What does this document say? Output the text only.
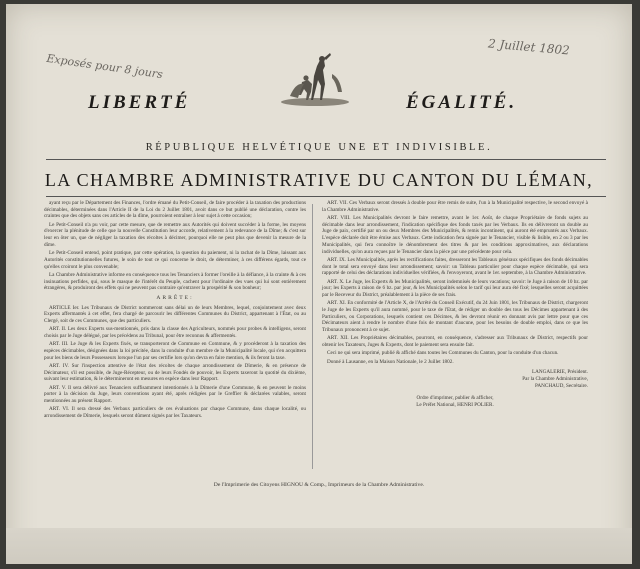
Exposés pour 8 jours
2 Juillet 1802
LIBERTÉ	ÉGALITÉ.
RÉPUBLIQUE HELVÉTIQUE UNE ET INDIVISIBLE.
LA CHAMBRE ADMINISTRATIVE DU CANTON DU LÉMAN,

ayant reçu par le Département des Finances, l'ordre émané du Petit-Conseil, de faire procéder à la taxation des productions décimables, déterminées dans l'Article II de la Loi du 2 Juillet 1801, avoit dans ce but publié une déclaration, contre les craintes que des objets sans ces articles de la dîme, pourroient entraîner à leur sujet à cette occasion;

Le Petit-Conseil n'a pu voir, par cette mesure, que de remettre aux Autorités qui doivent succéder à la forme, les moyens d'exercer la plénitude de celle que la nouvelle Constitution leur accorde, relativement à la redevance de la Dîme; & c'est sur leur en ôter un, que de négliger la taxation des récoltes à décimer, pourquoi elle ne peut plus que devenir la mesure de la dîme.

Le Petit-Conseil entend, point pratique, par cette opération, la question du paiement, ni la rachat de la Dîme, laissant aux Autorités constitutionnelles futures, le soin de tout ce qui concerne le droit, de déterminer, à ces différens égards, tout ce qu'elles croiront le plus convenable;

La Chambre Administrative informe en conséquence tous les Tenanciers à former l'oreille à la défiance, à la crainte & à ces insinuations perfides, qui, sous le masque de l'intérêt du Peuple, cachent pour l'ordinaire des vues qui lui sont entièrement étrangères, & produiront des effets qui ne peuvent pas contraire qu'entraver la prospérité & son bonheur;

ARRÊTE:

ARTICLE Ier. Les Tribunaux de District nommeront sans délai un de leurs Membres, lequel, conjointement avec deux Experts affermantés à cet effet, fera chargé de parcourir les différentes Communes du District, appartenant à l'État, ou au Clergé, soit de ces Communes, que des particuliers.

ART. II. Les deux Experts sus-mentionnés, pris dans la classe des Agriculteurs, nommés pour probes & intelligens, seront choisis par le Juge délégué, par les précédens au Tribunal, pour être reconnus & affermentés.

ART. III. Le Juge & les Experts fixés, se transporteront de Commune en Commune, & y procéderont à la taxation des espèces décimables, désignées dans la loi précitée, dans la conduite d'un membre de la Municipalité locale, qui s'en acquittera pour les biens de leurs Possesseurs lorsque l'un par ses certifie lors qu'on devra en faire mention, & ils feront la taxe.

ART. IV. Sur l'inspection attentive de l'état des récoltes de chaque arrondissement de Dîmerie, & en présence de Décimateur, s'il est possible, de Juge-Récepteur, ou de leurs Fondés de pouvoir, les Experts taxeront la quotité du dixième, suivant leur estimation, & le détermineront en mesures en espèce dans leur Rapport.

ART. V. Il sera délivré aux Tenanciers suffisamment intentionnés à la Dîmerie d'une Commune, & en peuvent le moins porter à la décision du Juge, leurs conventions ayant été, après rédigées par le Greffier & déclarées valables, seront mentionnées au présent Rapport.

ART. VI. Il sera dressé des Verbaux particuliers de ces évaluations par chaque Commune, dans chaque localité, ou arrondissement de Dîmerie, lesquels seront dûment signés par les Taxateurs.

ART. VII. Ces Verbaux seront dressés à double pour être remis de suite, l'un à la Municipalité respective, le second envoyé à la Chambre Administrative.

ART. VIII. Les Municipalités devront le faire remettre, avant le 1er. Août, de chaque Propriétaire de fonds sujets au décimable dans leur arrondissement, l'indication spécifique des fonds taxés par les Verbaux. Ils en délivreront un double au Juge de paix, certifié par un ou deux Membres des Municipalités, & remis incontinent, qui auront été empruntés aux Verbaux. L'espèce déclarée doit être émise aux Verbaux. Cette indication fera signée par le Tenancier, visible & lisible, en 2 ou 3 par les Municipalités, qui fera connoître le dénombrement des titres & par les conditions approximatives, aux déclarations individuelles, qu'on aura reçues par le Tenancier dans la pièce par une précédente pour cela.

ART. IX. Les Municipalités, après les rectifications faites, dresseront les Tableaux généraux spécifiques des fonds décimables dont le total sera envoyé dans leur arrondissement; savoir: un Tableau particulier pour chaque espèce décimable, qui sera rapporté de celui des déclarations individuelles vérifiées, & l'envoyeront, avant le 1er. septembre, à la Chambre Administrative.

ART. X. Le Juge, les Experts & les Municipalités, seront indemnisés de leurs vacations; savoir: le Juge à raison de 10 bz. par jour; les Experts à raison de 6 bz. par jour, & les Municipalités selon le tarif qui leur aura été fixé; lesquelles seront acquittées par le Receveur du District, préalablement à la pièce de ses frais.

ART. XI. En conformité de l'Article X, de l'Arrêté du Conseil Exécutif, du 24 Juin 1801, les Tribunaux de District, chargeront le Juge de les Experts qu'il aura nommé, pour le taxe de l'Etat, de rédiger un double des tous les Décimes appartenant à des Particuliers, ou Corporations, lesquels contient ces Décimes, & les devront réunir en donnant avis par lettre pour que ces Décimateurs aient à rendre le nombre d'une fois de montant d'aucune, pour les besoins de double emploi, dans ce que les Tribunaux prononcent à ce sujet.

ART. XII. Les Propriétaires décimables, pourront, en conséquence, s'adresser aux Tribunaux de District, respectifs pour obtenir les Taxateurs, Juges & Experts, dont le paiement sera ensuite fait.

Ceci ne qui sera imprimé, publié & affiché dans toutes les Communes du Canton, pour la conduite d'un chacun.

Donné à Lausanne, en la Maison Nationale, le 2 Juillet 1802.

LANGALERIE, Président.
Par la Chambre Administrative,
PANCHAUD, Secrétaire.
Ordre d'imprimer, publier & afficher,
Le Préfet National, HENRI POLIER.
De l'Imprimerie des Citoyens HIGNOU & Comp., Imprimeurs de la Chambre Administrative.
